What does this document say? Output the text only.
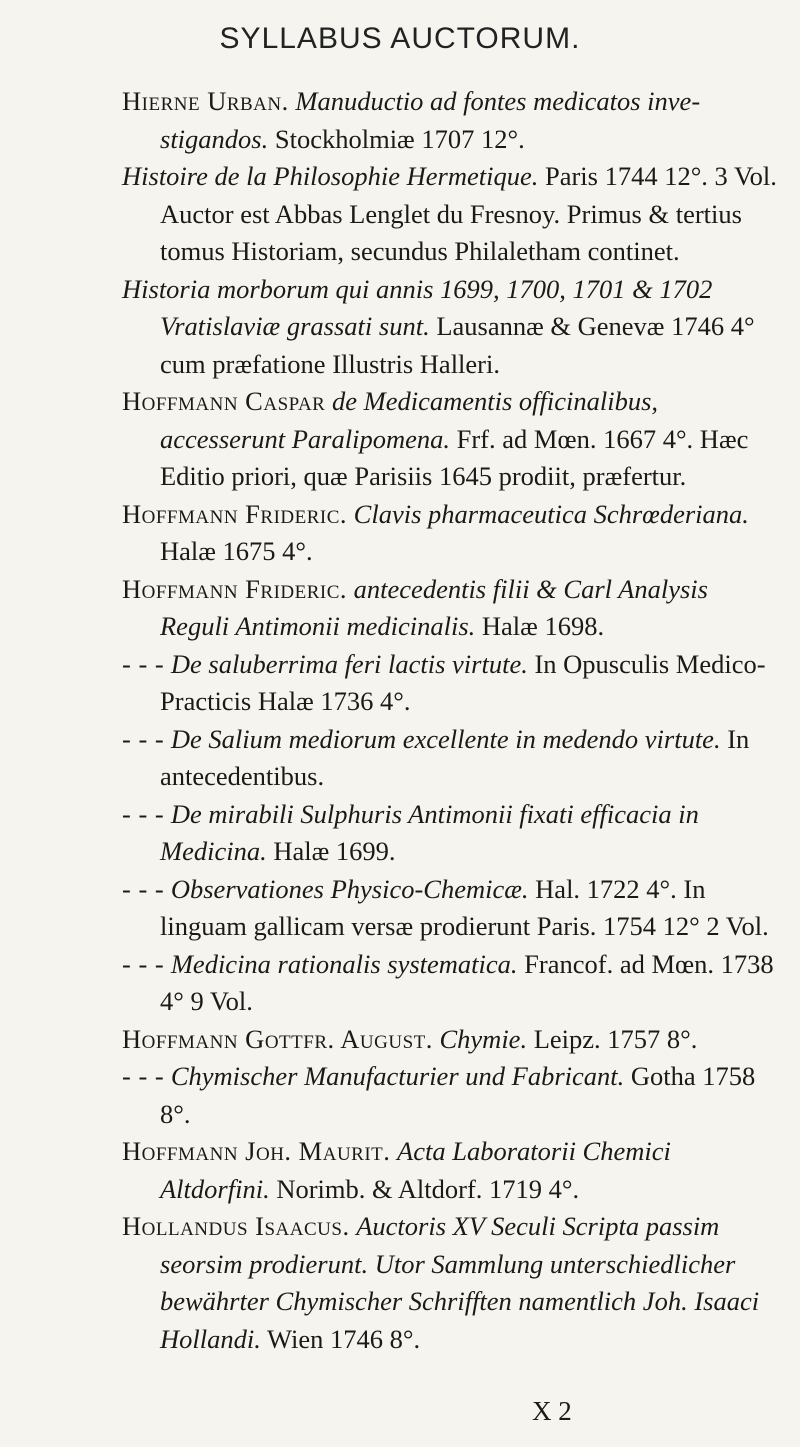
SYLLABUS AUCTORUM.
Hierne Urban. Manuductio ad fontes medicatos inve-stigandos. Stockholmiæ 1707 12°.
Histoire de la Philosophie Hermetique. Paris 1744 12°. 3 Vol. Auctor est Abbas Lenglet du Fresnoy. Primus & tertius tomus Historiam, secundus Philaletham continet.
Historia morborum qui annis 1699, 1700, 1701 & 1702 Vratislaviæ grassati sunt. Lausannæ & Genevæ 1746 4° cum præfatione Illustris Halleri.
Hoffmann Caspar de Medicamentis officinalibus, accesserunt Paralipomena. Frf. ad Mœn. 1667 4°. Hæc Editio priori, quæ Parisiis 1645 prodiit, præfertur.
Hoffmann Frideric. Clavis pharmaceutica Schrœderiana. Halæ 1675 4°.
Hoffmann Frideric. antecedentis filii & Carl Analysis Reguli Antimonii medicinalis. Halæ 1698.
- - - De saluberrima feri lactis virtute. In Opusculis Medico-Practicis Halæ 1736 4°.
- - - De Salium mediorum excellente in medendo virtute. In antecedentibus.
- - - De mirabili Sulphuris Antimonii fixati efficacia in Medicina. Halæ 1699.
- - - Observationes Physico-Chemicæ. Hal. 1722 4°. In linguam gallicam versæ prodierunt Paris. 1754 12° 2 Vol.
- - - Medicina rationalis systematica. Francof. ad Mœn. 1738 4° 9 Vol.
Hoffmann Gottfr. August. Chymie. Leipz. 1757 8°.
- - - Chymischer Manufacturier und Fabricant. Gotha 1758 8°.
Hoffmann Joh. Maurit. Acta Laboratorii Chemici Altdorfini. Norimb. & Altdorf. 1719 4°.
Hollandus Isaacus. Auctoris XV Seculi Scripta passim seorsim prodierunt. Utor Sammlung unterschiedlicher bewährter Chymischer Schrifften namentlich Joh. Isaaci Hollandi. Wien 1746 8°.
X 2
